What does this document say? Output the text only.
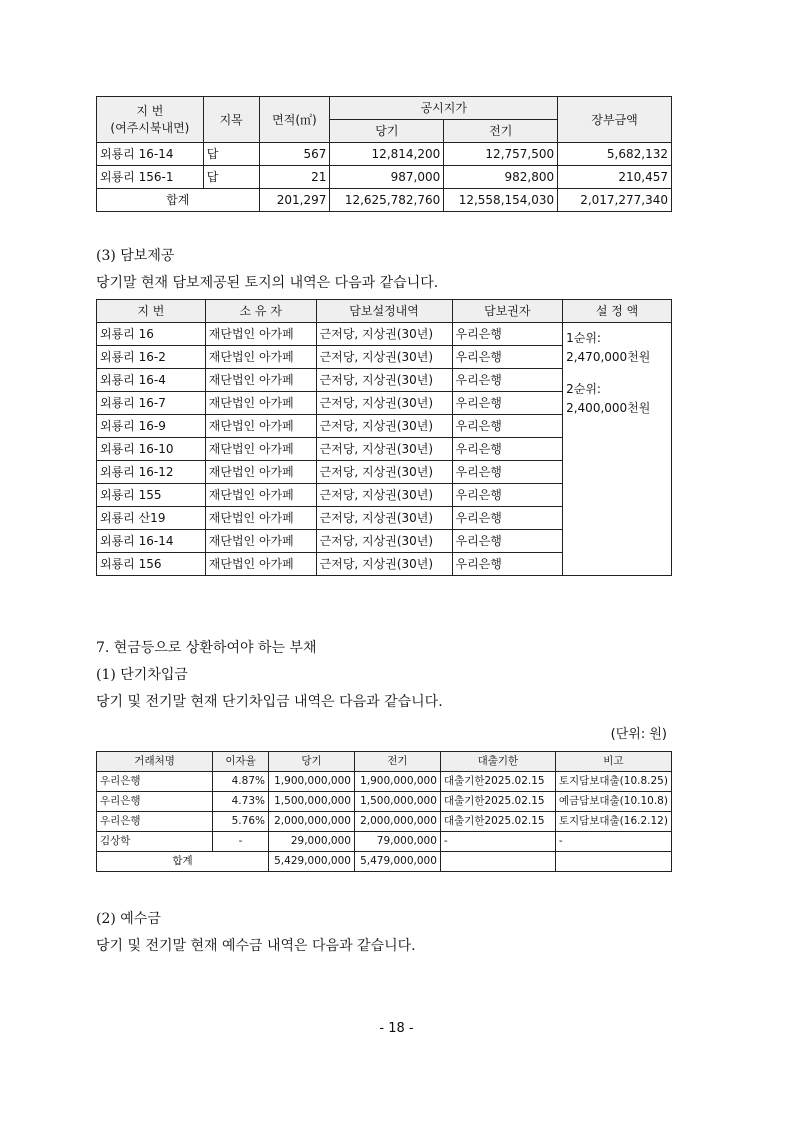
지 번
(여주시북내면)	지목	면적(㎡)	공시지가		장부금액
			당기	전기	
외룡리 16-14	답	567	12,814,200	12,757,500	5,682,132
외룡리 156-1	답	21	987,000	982,800	210,457
합계		201,297	12,625,782,760	12,558,154,030	2,017,277,340
(3) 담보제공
당기말 현재 담보제공된 토지의 내역은 다음과 같습니다.
지 번	소 유 자	담보설정내역	담보권자	설 정 액
외룡리 16	재단법인 아가페	근저당, 지상권(30년)	우리은행	1순위:
2,470,000천원
2순위:
2,400,000천원

외룡리 16-2	재단법인 아가페	근저당, 지상권(30년)	우리은행	
외룡리 16-4	재단법인 아가페	근저당, 지상권(30년)	우리은행	
외룡리 16-7	재단법인 아가페	근저당, 지상권(30년)	우리은행	
외룡리 16-9	재단법인 아가페	근저당, 지상권(30년)	우리은행	
외룡리 16-10	재단법인 아가페	근저당, 지상권(30년)	우리은행	
외룡리 16-12	재단법인 아가페	근저당, 지상권(30년)	우리은행	
외룡리 155	재단법인 아가페	근저당, 지상권(30년)	우리은행	
외룡리 산19	재단법인 아가페	근저당, 지상권(30년)	우리은행	
외룡리 16-14	재단법인 아가페	근저당, 지상권(30년)	우리은행	
외룡리 156	재단법인 아가페	근저당, 지상권(30년)	우리은행	
7. 현금등으로 상환하여야 하는 부채
(1) 단기차입금
당기 및 전기말 현재 단기차입금 내역은 다음과 같습니다.
(단위: 원)
거래처명	이자율	당기	전기	대출기한	비고
우리은행	4.87%	1,900,000,000	1,900,000,000	대출기한2025.02.15	토지담보대출(10.8.25)
우리은행	4.73%	1,500,000,000	1,500,000,000	대출기한2025.02.15	예금담보대출(10.10.8)
우리은행	5.76%	2,000,000,000	2,000,000,000	대출기한2025.02.15	토지담보대출(16.2.12)
김상학	-	29,000,000	79,000,000	-	-
합계		5,429,000,000	5,479,000,000		
(2) 예수금
당기 및 전기말 현재 예수금 내역은 다음과 같습니다.
- 18 -
